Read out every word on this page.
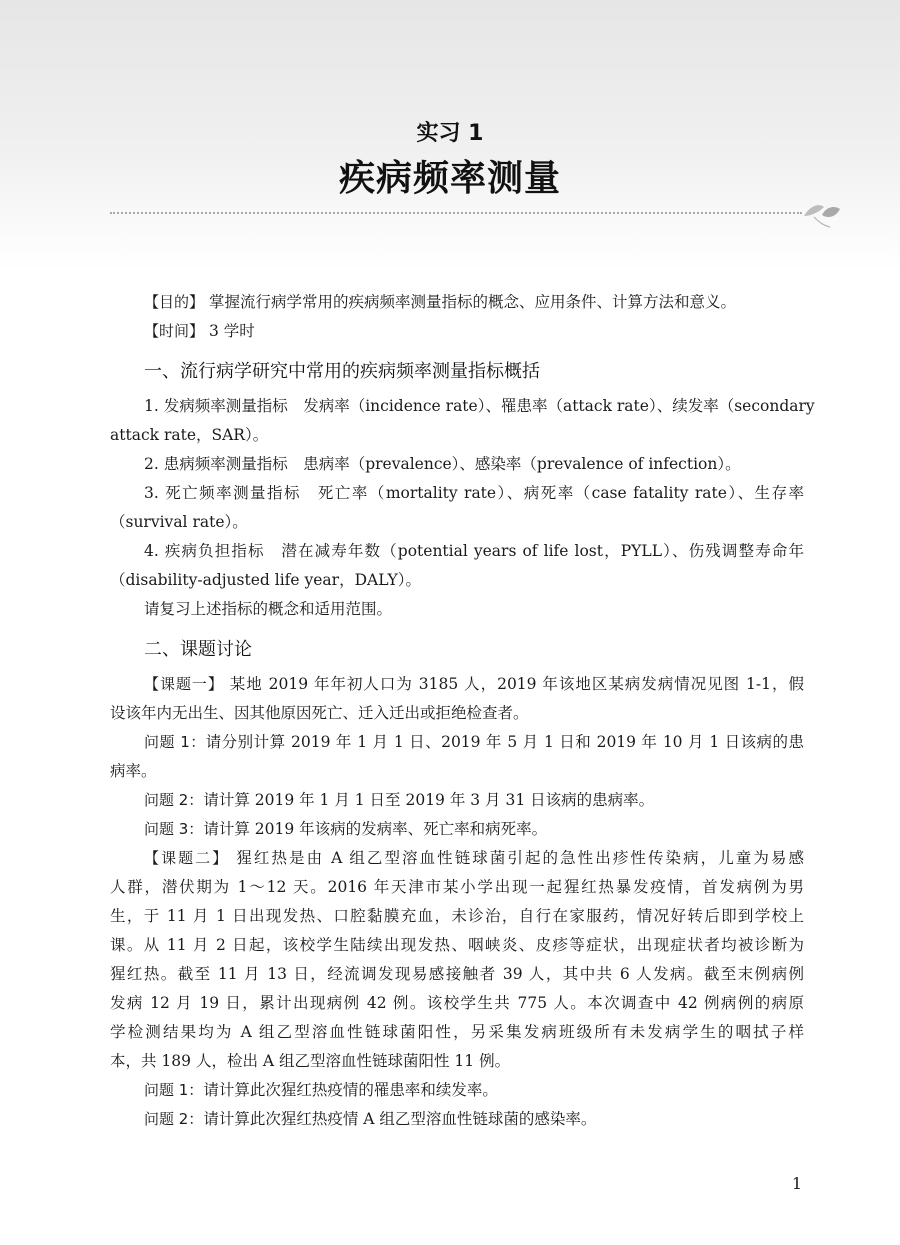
实习 1
疾病频率测量

【目的】 掌握流行病学常用的疾病频率测量指标的概念、应用条件、计算方法和意义。

【时间】 3 学时

一、流行病学研究中常用的疾病频率测量指标概括

1. 发病频率测量指标　发病率（incidence rate）、罹患率（attack rate）、续发率（secondary

attack rate，SAR）。

2. 患病频率测量指标　患病率（prevalence）、感染率（prevalence of infection）。

3. 死亡频率测量指标　死亡率（mortality rate）、病死率（case fatality rate）、生存率

（survival rate）。

4. 疾病负担指标　潜在减寿年数（potential years of life lost，PYLL）、伤残调整寿命年

（disability-adjusted life year，DALY）。

请复习上述指标的概念和适用范围。

二、课题讨论

【课题一】 某地 2019 年年初人口为 3185 人，2019 年该地区某病发病情况见图 1-1，假

设该年内无出生、因其他原因死亡、迁入迁出或拒绝检查者。

问题 1：请分别计算 2019 年 1 月 1 日、2019 年 5 月 1 日和 2019 年 10 月 1 日该病的患

病率。

问题 2：请计算 2019 年 1 月 1 日至 2019 年 3 月 31 日该病的患病率。

问题 3：请计算 2019 年该病的发病率、死亡率和病死率。

【课题二】 猩红热是由 A 组乙型溶血性链球菌引起的急性出疹性传染病，儿童为易感

人群，潜伏期为 1～12 天。2016 年天津市某小学出现一起猩红热暴发疫情，首发病例为男

生，于 11 月 1 日出现发热、口腔黏膜充血，未诊治，自行在家服药，情况好转后即到学校上

课。从 11 月 2 日起，该校学生陆续出现发热、咽峡炎、皮疹等症状，出现症状者均被诊断为

猩红热。截至 11 月 13 日，经流调发现易感接触者 39 人，其中共 6 人发病。截至末例病例

发病 12 月 19 日，累计出现病例 42 例。该校学生共 775 人。本次调查中 42 例病例的病原

学检测结果均为 A 组乙型溶血性链球菌阳性，另采集发病班级所有未发病学生的咽拭子样

本，共 189 人，检出 A 组乙型溶血性链球菌阳性 11 例。

问题 1：请计算此次猩红热疫情的罹患率和续发率。

问题 2：请计算此次猩红热疫情 A 组乙型溶血性链球菌的感染率。

1
